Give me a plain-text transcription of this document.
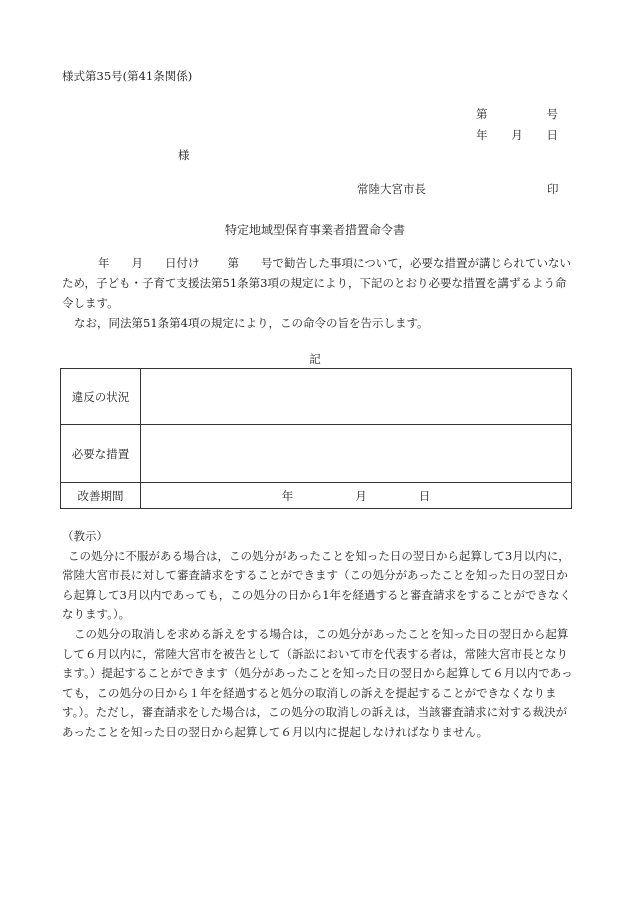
様式第35号(第41条関係)
第	号
年 月 日
様
常陸大宮市長	印
特定地域型保育事業者措置命令書

年 月 日付け 第 号で勧告した事項について，必要な措置が講じられていないため，子ども・子育て支援法第51条第3項の規定により，下記のとおり必要な措置を講ずるよう命令します。

なお，同法第51条第4項の規定により，この命令の旨を告示します。

記
違反の状況	
必要な措置	
改善期間	年 月 日

（教示）

この処分に不服がある場合は，この処分があったことを知った日の翌日から起算して3月以内に，常陸大宮市長に対して審査請求をすることができます（この処分があったことを知った日の翌日から起算して3月以内であっても，この処分の日から1年を経過すると審査請求をすることができなくなります。）。

この処分の取消しを求める訴えをする場合は，この処分があったことを知った日の翌日から起算して６月以内に，常陸大宮市を被告として（訴訟において市を代表する者は，常陸大宮市長となります。）提起することができます（処分があったことを知った日の翌日から起算して６月以内であっても，この処分の日から１年を経過すると処分の取消しの訴えを提起することができなくなります。）。ただし，審査請求をした場合は，この処分の取消しの訴えは，当該審査請求に対する裁決があったことを知った日の翌日から起算して６月以内に提起しなければなりません。
